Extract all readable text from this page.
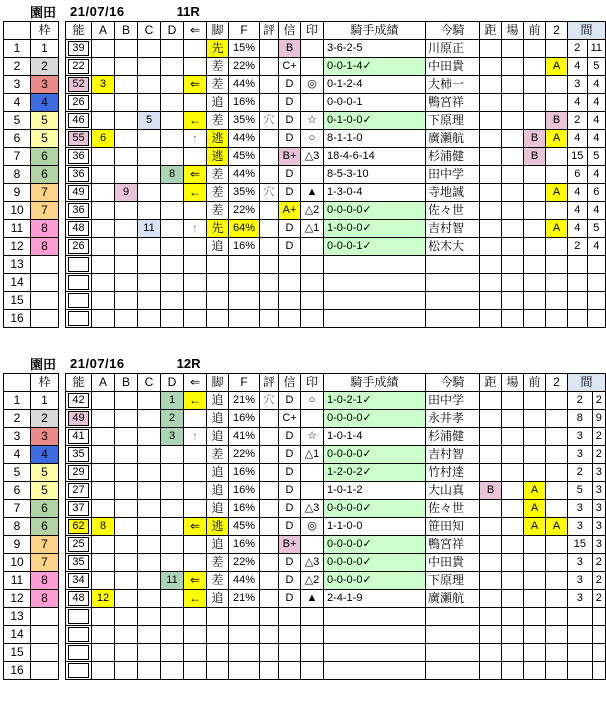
園田 21/07/16	11R
	枠		能	A	B	C	D	⇐	脚	F	評	信	印	騎手成績	今騎	距	場	前	2	間	
1	1		39						先	15%		B		3-6-2-5	川原正					2	11
2	2		22						差	22%		C+		0-0-1-4✓	中田貴				A	4	5
3	3		52	3				⇐	差	44%		D	◎	0-1-2-4	大柿一					3	4
4	4		26						追	16%		D		0-0-0-1	鴨宮祥					4	4
5	5		46			5		←	差	35%	穴	D	☆	0-1-0-0✓	下原理				B	2	4
6	5		55	6				↑	逃	44%		D	○	8-1-1-0	廣瀬航			B	A	4	4
7	6		36						逃	45%		B+	△3	18-4-6-14	杉浦健			B		15	5
8	6		36				8	⇐	差	44%		D		8-5-3-10	田中学					6	4
9	7		49		9			←	差	35%	穴	D	▲	1-3-0-4	寺地誠				A	4	6
10	7		36						差	22%		A+	△2	0-0-0-0✓	佐々世					4	4
11	8		48			11		↑	先	64%		D	△1	1-0-0-0✓	吉村智				A	4	5
12	8		26						追	16%		D		0-0-0-1✓	松木大					2	4
13			

14			

15			

16			

園田 21/07/16	12R
	枠		能	A	B	C	D	⇐	脚	F	評	信	印	騎手成績	今騎	距	場	前	2	間	
1	1		42				1	←	追	21%	穴	D	○	1-0-2-1✓	田中学					2	2
2	2		49				2		追	16%		C+		0-0-0-0✓	永井孝					8	9
3	3		41				3	↑	追	41%		D	☆	1-0-1-4	杉浦健					3	2
4	4		35						差	22%		D	△1	0-0-0-0✓	吉村智					3	2
5	5		29						追	16%		D		1-2-0-2✓	竹村達					2	3
6	5		27						追	16%		D		1-0-1-2	大山真	B		A		5	3
7	6		37						追	16%		D	△3	0-0-0-0✓	佐々世			A		3	3
8	6		62	8				⇐	逃	45%		D	◎	1-1-0-0	笹田知			A	A	3	3
9	7		25						追	16%		B+		0-0-0-0✓	鴨宮祥					15	3
10	7		35						差	22%		D	△3	0-0-0-0✓	中田貴					3	2
11	8		34				11	⇐	差	44%		D	△2	0-0-0-0✓	下原理					3	2
12	8		48	12				←	追	21%		D	▲	2-4-1-9	廣瀬航					3	2
13			

14			

15			

16			
